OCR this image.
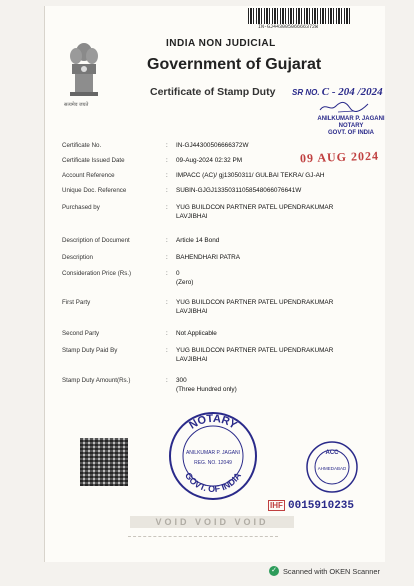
IN-GJ44300506666372W
सत्यमेव जयते
INDIA NON JUDICIAL
Government of Gujarat
Certificate of Stamp Duty SR NO. C - 204 /2024
ANILKUMAR P. JAGANI
NOTARY
GOVT. OF INDIA
09 AUG 2024
Certificate No.	: IN-GJ44300506666372W
Certificate Issued Date	: 09-Aug-2024 02:32 PM
Account Reference	: IMPACC (AC)/ gj13050311/ GULBAI TEKRA/ GJ-AH
Unique Doc. Reference	: SUBIN-GJGJ13350311058548066076641W
Purchased by	: YUG BUILDCON PARTNER PATEL UPENDRAKUMAR
LAVJIBHAI
Description of Document	: Article 14 Bond
Description	: BAHENDHARI PATRA
Consideration Price (Rs.)	: 0
(Zero)
First Party	: YUG BUILDCON PARTNER PATEL UPENDRAKUMAR
LAVJIBHAI
Second Party	: Not Applicable
Stamp Duty Paid By	: YUG BUILDCON PARTNER PATEL UPENDRAKUMAR
LAVJIBHAI
Stamp Duty Amount(Rs.)	: 300
(Three Hundred only)
NOTARY
GOVT. OF INDIA
ANILKUMAR P. JAGANI
REG. NO. 12049
ACC
AHMEDABAD
IHF 0015910235
VOID VOID VOID
✓ Scanned with OKEN Scanner
